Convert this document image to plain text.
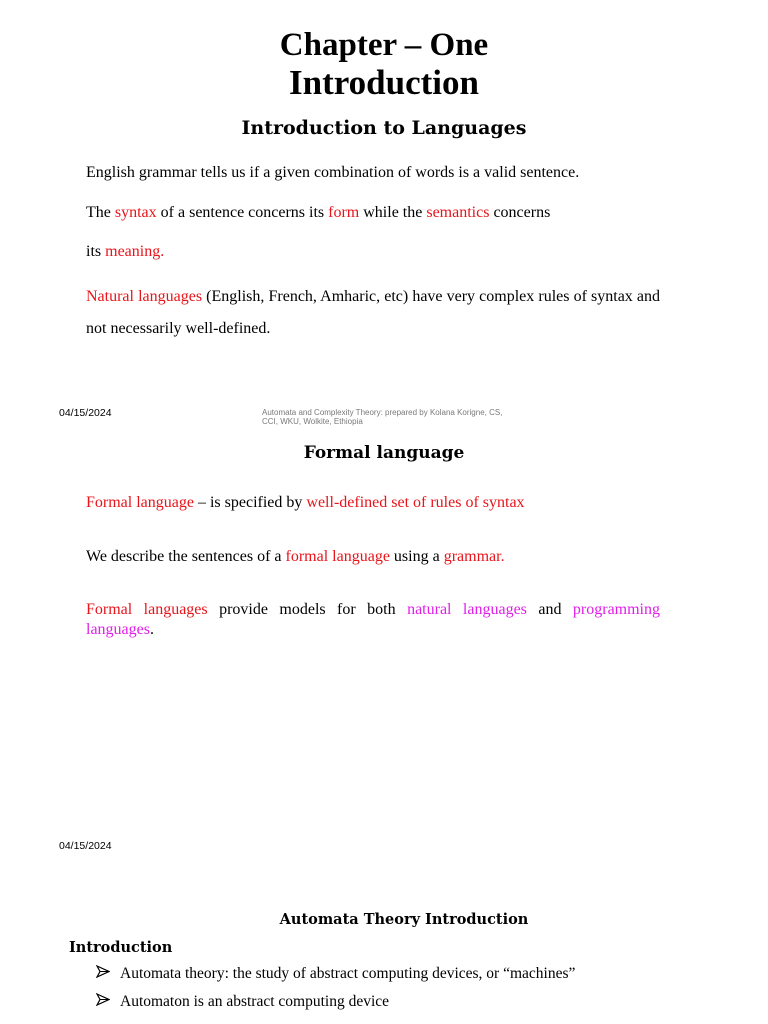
Chapter – One
Introduction
Introduction to Languages
English grammar tells us if a given combination of words is a valid sentence.
The syntax of a sentence concerns its form while the semantics concerns
its meaning.
Natural languages (English, French, Amharic, etc) have very complex rules of syntax and not necessarily well-defined.
04/15/2024	Automata and Complexity Theory: prepared by Kolana Korigne, CS, CCI, WKU, Wolkite, Ethiopia
Formal language
Formal language – is specified by well-defined set of rules of syntax
We describe the sentences of a formal language using a grammar.
Formal languages provide models for both natural languages and programming languages.
04/15/2024
Automata Theory Introduction
Introduction
Automata theory: the study of abstract computing devices, or “machines”
Automaton is an abstract computing device
